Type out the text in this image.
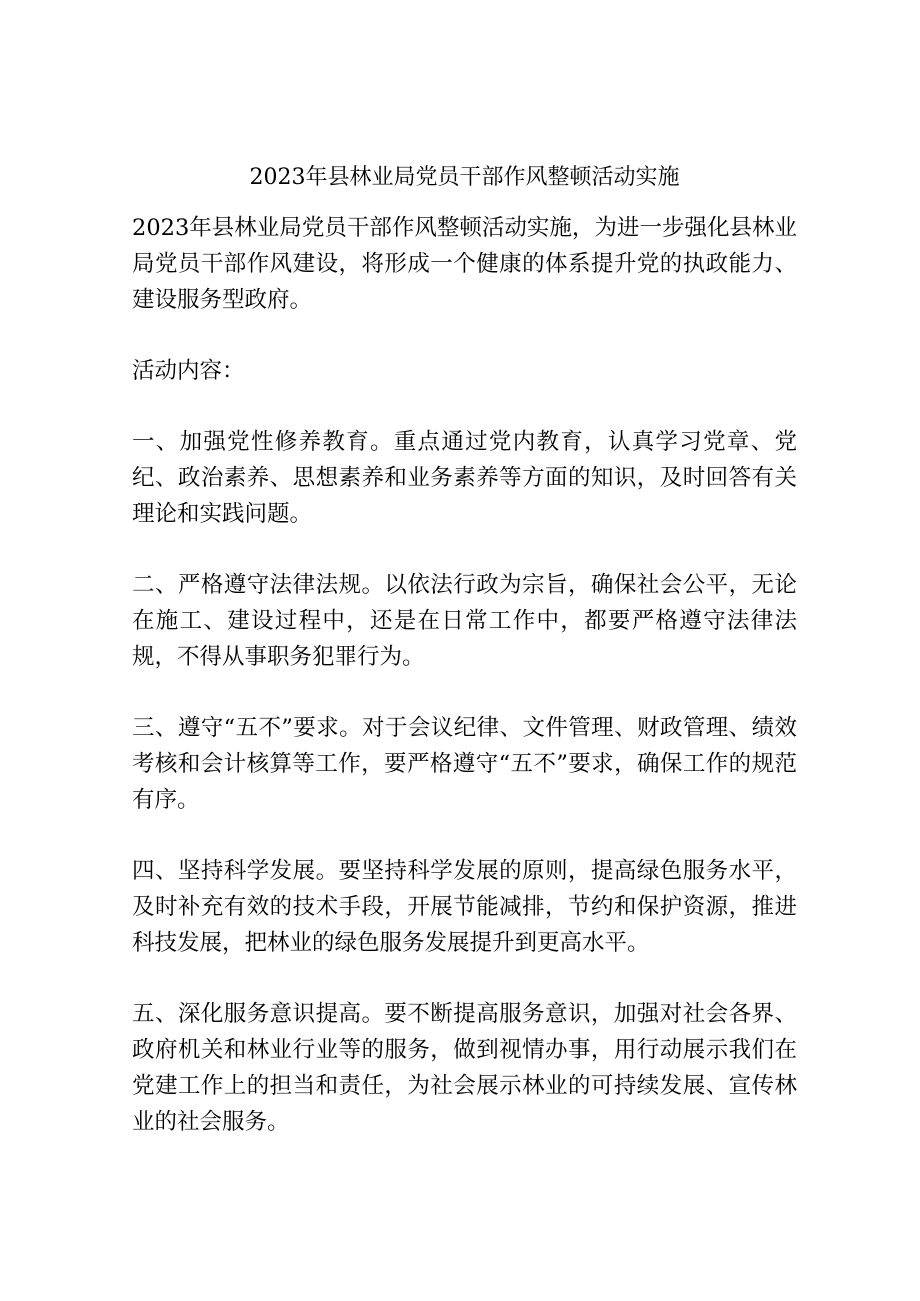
2023年县林业局党员干部作风整顿活动实施

2023年县林业局党员干部作风整顿活动实施，为进一步强化县林业局党员干部作风建设，将形成一个健康的体系提升党的执政能力、建设服务型政府。

活动内容：

一、加强党性修养教育。重点通过党内教育，认真学习党章、党纪、政治素养、思想素养和业务素养等方面的知识，及时回答有关理论和实践问题。

二、严格遵守法律法规。以依法行政为宗旨，确保社会公平，无论在施工、建设过程中，还是在日常工作中，都要严格遵守法律法规，不得从事职务犯罪行为。

三、遵守“五不”要求。对于会议纪律、文件管理、财政管理、绩效考核和会计核算等工作，要严格遵守“五不”要求，确保工作的规范有序。

四、坚持科学发展。要坚持科学发展的原则，提高绿色服务水平，及时补充有效的技术手段，开展节能减排，节约和保护资源，推进科技发展，把林业的绿色服务发展提升到更高水平。

五、深化服务意识提高。要不断提高服务意识，加强对社会各界、政府机关和林业行业等的服务，做到视情办事，用行动展示我们在党建工作上的担当和责任，为社会展示林业的可持续发展、宣传林业的社会服务。
